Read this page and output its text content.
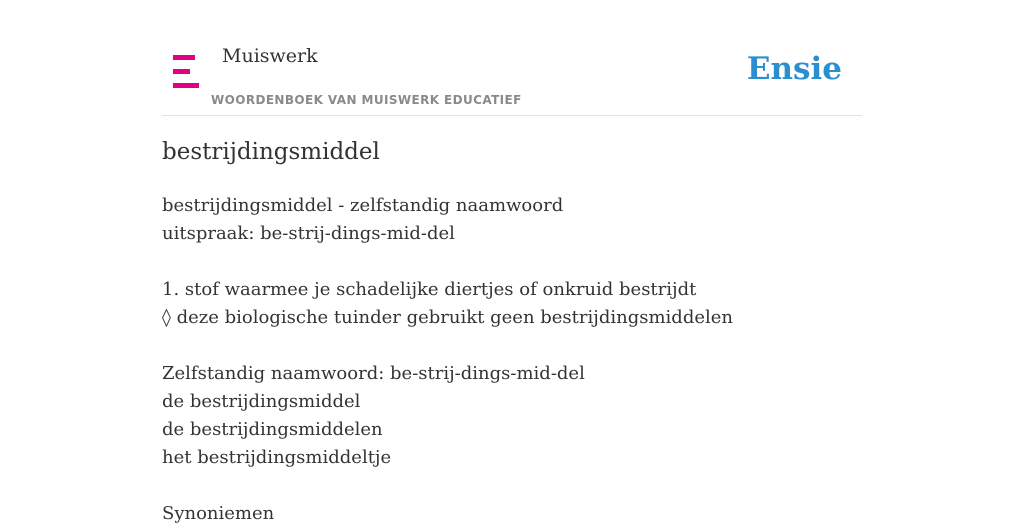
Muiswerk
WOORDENBOEK VAN MUISWERK EDUCATIEF
Ensie
bestrijdingsmiddel
bestrijdingsmiddel - zelfstandig naamwoord
uitspraak: be-strij-dings-mid-del
1. stof waarmee je schadelijke diertjes of onkruid bestrijdt
◊ deze biologische tuinder gebruikt geen bestrijdingsmiddelen
Zelfstandig naamwoord: be-strij-dings-mid-del
de bestrijdingsmiddel
de bestrijdingsmiddelen
het bestrijdingsmiddeltje
Synoniemen
